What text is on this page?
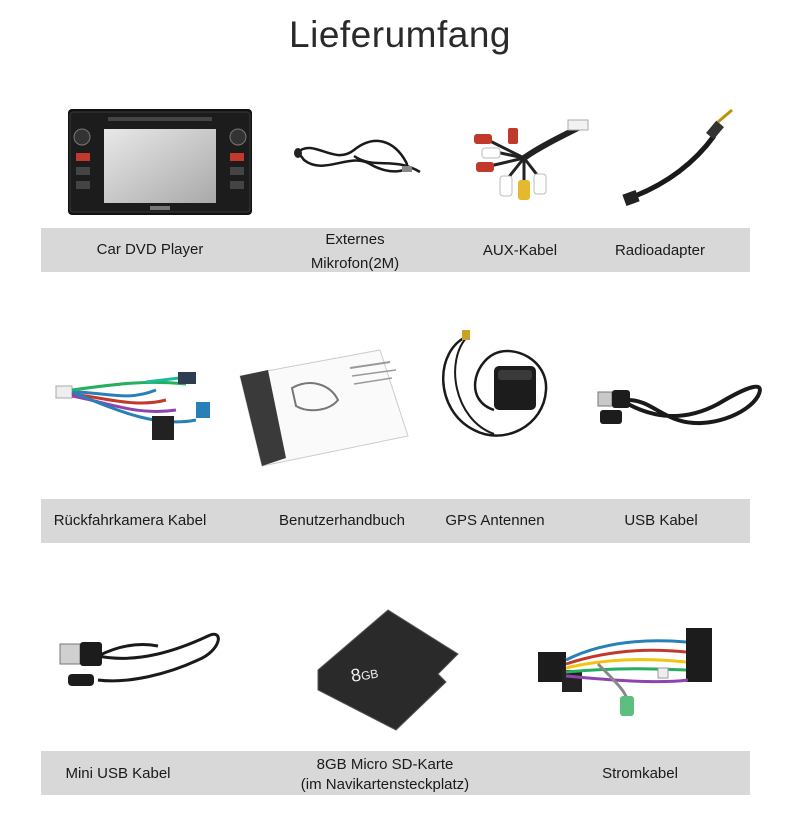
Lieferumfang
Car DVD Player
Externes
Mikrofon(2M)
AUX-Kabel	Radioadapter
Rückfahrkamera Kabel	Benutzerhandbuch	GPS Antennen	USB Kabel
8GB
Mini USB Kabel
8GB Micro SD-Karte
(im Navikartensteckplatz)
Stromkabel
